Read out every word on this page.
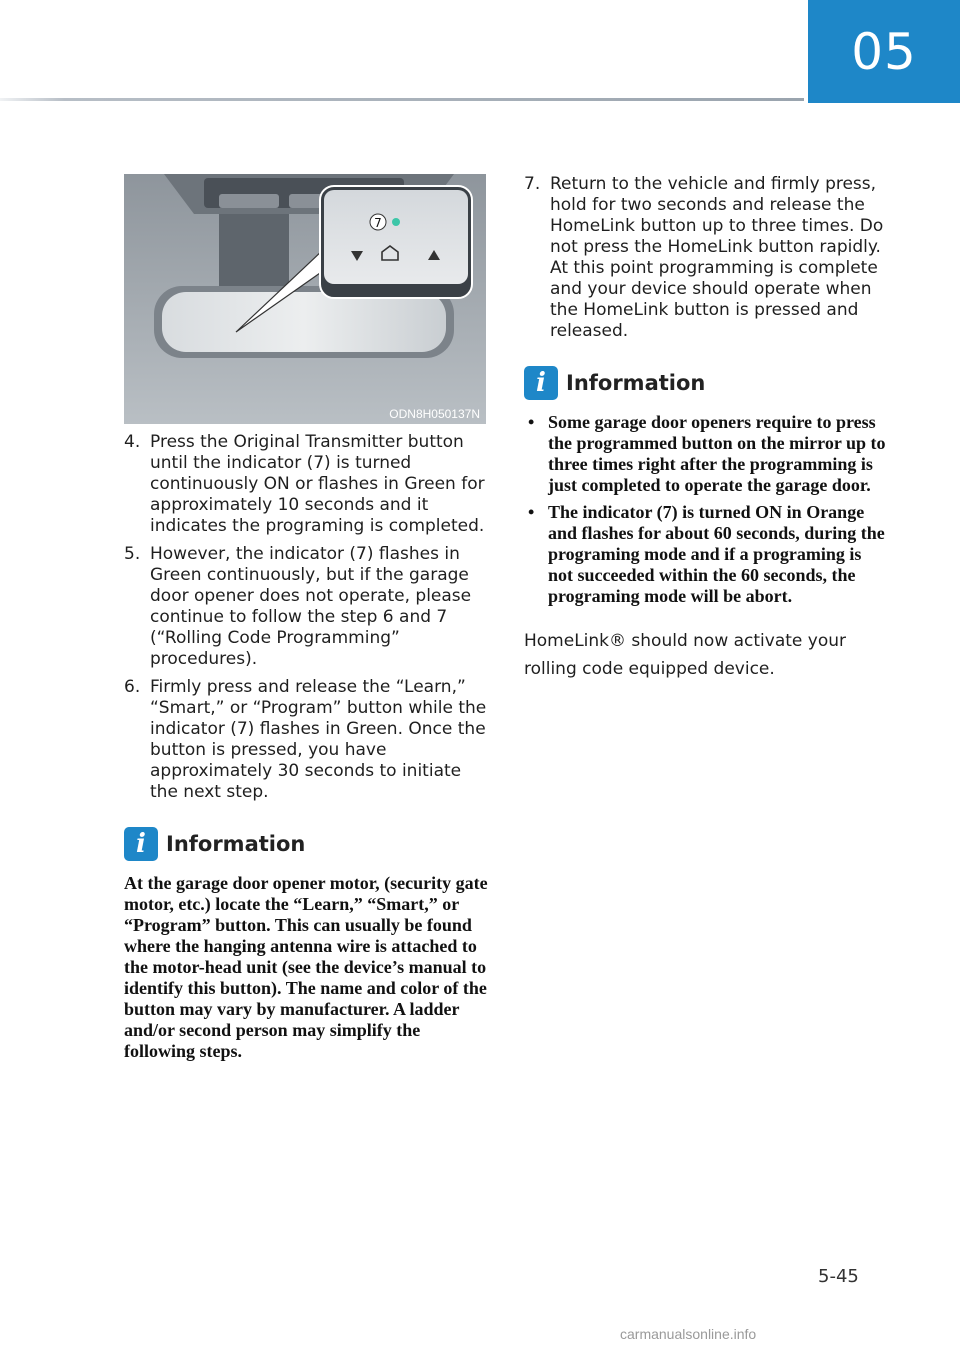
05
7
ODN8H050137N
4. Press the Original Transmitter button until the indicator (7) is turned continuously ON or flashes in Green for approximately 10 seconds and it indicates the programing is completed.
5. However, the indicator (7) flashes in Green continuously, but if the garage door opener does not operate, please continue to follow the step 6 and 7 (“Rolling Code Programming” procedures).
6. Firmly press and release the “Learn,” “Smart,” or “Program” button while the indicator (7) flashes in Green. Once the button is pressed, you have approximately 30 seconds to initiate the next step.
i Information

At the garage door opener motor, (security gate motor, etc.) locate the “Learn,” “Smart,” or “Program” button. This can usually be found where the hanging antenna wire is attached to the motor-head unit (see the device’s manual to identify this button). The name and color of the button may vary by manufacturer. A ladder and/or second person may simplify the following steps.

7. Return to the vehicle and firmly press, hold for two seconds and release the HomeLink button up to three times. Do not press the HomeLink button rapidly. At this point programming is complete and your device should operate when the HomeLink button is pressed and released.
i Information
• Some garage door openers require to press the programmed button on the mirror up to three times right after the programming is just completed to operate the garage door.
• The indicator (7) is turned ON in Orange and flashes for about 60 seconds, during the programing mode and if a programing is not succeeded within the 60 seconds, the programing mode will be abort.
HomeLink® should now activate your rolling code equipped device.
5-45
carmanualsonline.info
